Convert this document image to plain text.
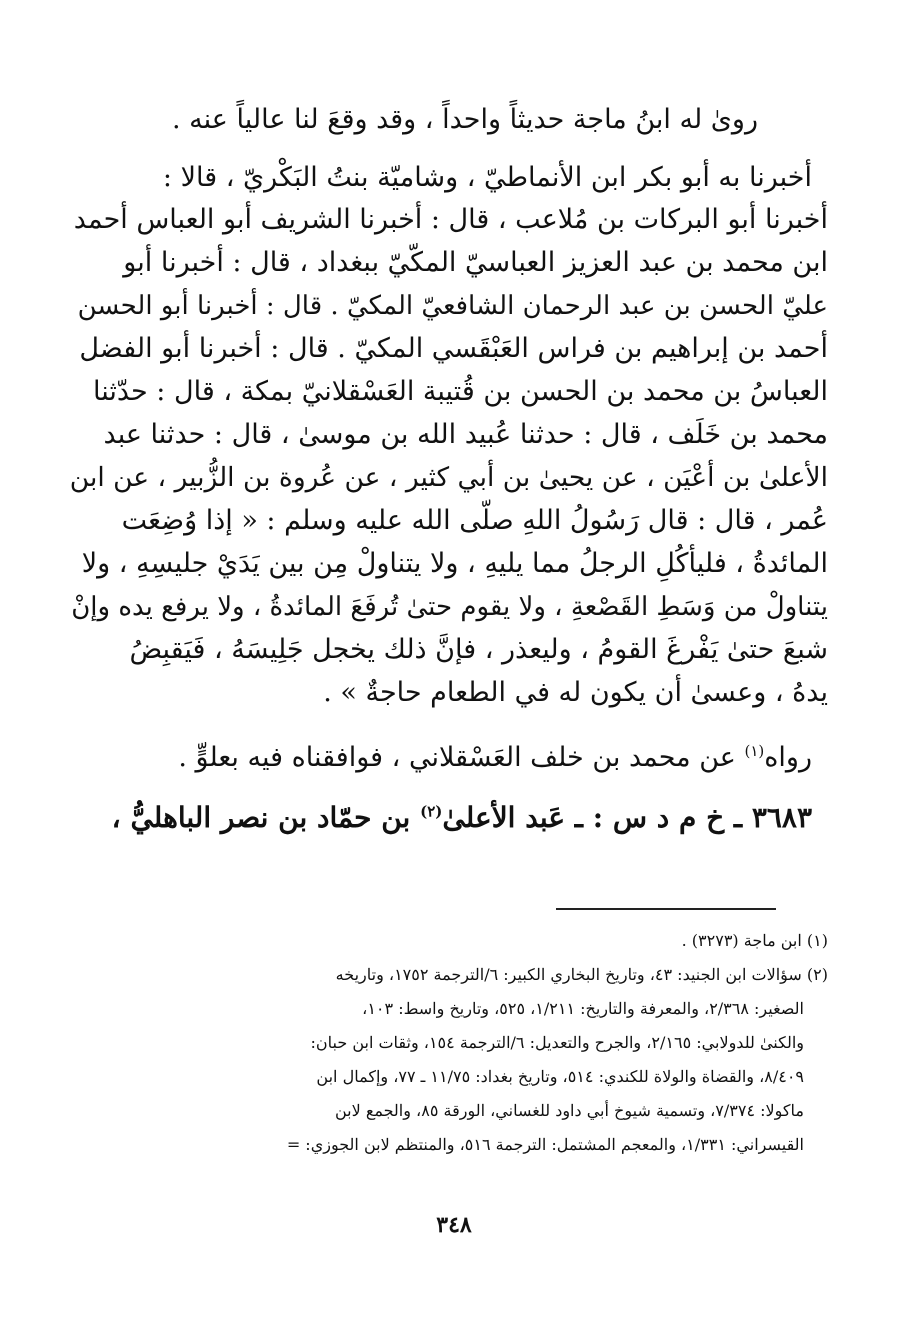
روىٰ له ابنُ ماجة حديثاً واحداً ، وقد وقعَ لنا عالياً عنه .
أخبرنا به أبو بكر ابن الأنماطيّ ، وشاميّة بنتُ البَكْريّ ، قالا :
أخبرنا أبو البركات بن مُلاعب ، قال : أخبرنا الشريف أبو العباس أحمد
ابن محمد بن عبد العزيز العباسيّ المكّيّ ببغداد ، قال : أخبرنا أبو
عليّ الحسن بن عبد الرحمان الشافعيّ المكيّ . قال : أخبرنا أبو الحسن
أحمد بن إبراهيم بن فراس العَبْقَسي المكيّ . قال : أخبرنا أبو الفضل
العباسُ بن محمد بن الحسن بن قُتيبة العَسْقلانيّ بمكة ، قال : حدّثنا
محمد بن خَلَف ، قال : حدثنا عُبيد الله بن موسىٰ ، قال : حدثنا عبد
الأعلىٰ بن أعْيَن ، عن يحيىٰ بن أبي كثير ، عن عُروة بن الزُّبير ، عن ابن
عُمر ، قال : قال رَسُولُ اللهِ صلّى الله عليه وسلم : « إذا وُضِعَت
المائدةُ ، فليأكُلِ الرجلُ مما يليهِ ، ولا يتناولْ مِن بين يَدَيْ جليسِهِ ، ولا
يتناولْ من وَسَطِ القَصْعةِ ، ولا يقوم حتىٰ تُرفَعَ المائدةُ ، ولا يرفع يده وإنْ
شبعَ حتىٰ يَفْرغَ القومُ ، وليعذر ، فإنَّ ذلك يخجل جَلِيسَهُ ، فَيَقبِضُ
يدهُ ، وعسىٰ أن يكون له في الطعام حاجةٌ » .
رواه$^{(١)}$ عن محمد بن خلف العَسْقلاني ، فوافقناه فيه بعلوٍّ .
٣٦٨٣ ـ خ م د س : ـ عَبد الأعلىٰ$^{(٢)}$ بن حمّاد بن نصر الباهليُّ ،
(١) ابن ماجة (٣٢٧٣) .
(٢) سؤالات ابن الجنيد: ٤٣، وتاريخ البخاري الكبير: ٦/الترجمة ١٧٥٢، وتاريخه
الصغير: ٢/٣٦٨، والمعرفة والتاريخ: ١/٢١١، ٥٢٥، وتاريخ واسط: ١٠٣،
والكنىٰ للدولابي: ٢/١٦٥، والجرح والتعديل: ٦/الترجمة ١٥٤، وثقات ابن حبان:
٨/٤٠٩، والقضاة والولاة للكندي: ٥١٤، وتاريخ بغداد: ١١/٧٥ ـ ٧٧، وإكمال ابن
ماكولا: ٧/٣٧٤، وتسمية شيوخ أبي داود للغساني، الورقة ٨٥، والجمع لابن
القيسراني: ١/٣٣١، والمعجم المشتمل: الترجمة ٥١٦، والمنتظم لابن الجوزي: =
٣٤٨
